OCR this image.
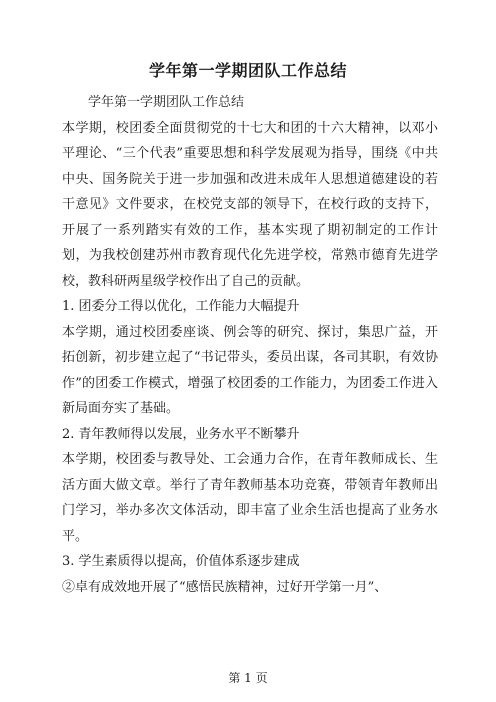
学年第一学期团队工作总结

学年第一学期团队工作总结

本学期，校团委全面贯彻党的十七大和团的十六大精神，以邓小平理论、“三个代表”重要思想和科学发展观为指导，围绕《中共中央、国务院关于进一步加强和改进未成年人思想道德建设的若干意见》文件要求，在校党支部的领导下，在校行政的支持下，开展了一系列踏实有效的工作，基本实现了期初制定的工作计划，为我校创建苏州市教育现代化先进学校，常熟市德育先进学校，教科研两星级学校作出了自己的贡献。

1. 团委分工得以优化，工作能力大幅提升

本学期，通过校团委座谈、例会等的研究、探讨，集思广益，开拓创新，初步建立起了“书记带头，委员出谋，各司其职，有效协作”的团委工作模式，增强了校团委的工作能力，为团委工作进入新局面夯实了基础。

2. 青年教师得以发展，业务水平不断攀升

本学期，校团委与教导处、工会通力合作，在青年教师成长、生活方面大做文章。举行了青年教师基本功竞赛，带领青年教师出门学习，举办多次文体活动，即丰富了业余生活也提高了业务水平。

3. 学生素质得以提高，价值体系逐步建成

②卓有成效地开展了“感悟民族精神，过好开学第一月”、

第 1 页
